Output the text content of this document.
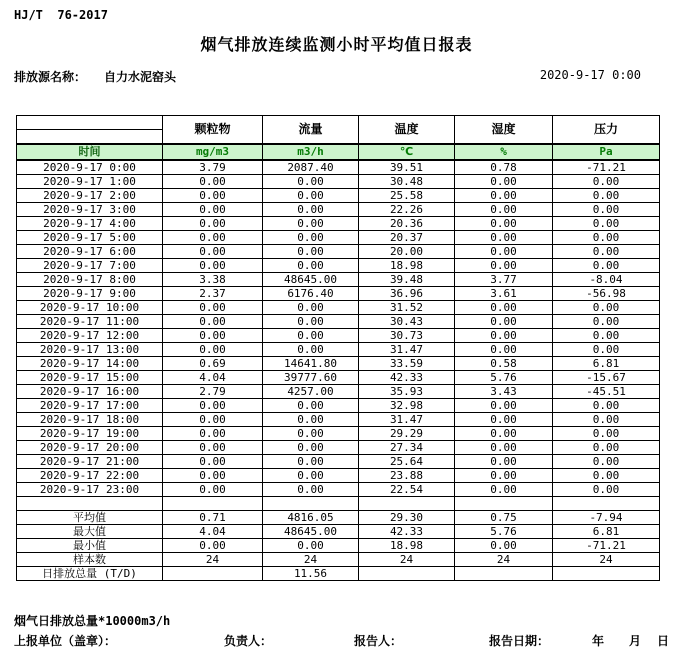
HJ/T  76-2017
烟气排放连续监测小时平均值日报表
排放源名称： 自力水泥窑头	2020-9-17 0:00
	颗粒物	流量	温度	湿度	压力

时间	mg/m3	m3/h	℃	%	Pa
2020-9-17 0:00	3.79	2087.40	39.51	0.78	-71.21
2020-9-17 1:00	0.00	0.00	30.48	0.00	0.00
2020-9-17 2:00	0.00	0.00	25.58	0.00	0.00
2020-9-17 3:00	0.00	0.00	22.26	0.00	0.00
2020-9-17 4:00	0.00	0.00	20.36	0.00	0.00
2020-9-17 5:00	0.00	0.00	20.37	0.00	0.00
2020-9-17 6:00	0.00	0.00	20.00	0.00	0.00
2020-9-17 7:00	0.00	0.00	18.98	0.00	0.00
2020-9-17 8:00	3.38	48645.00	39.48	3.77	-8.04
2020-9-17 9:00	2.37	6176.40	36.96	3.61	-56.98
2020-9-17 10:00	0.00	0.00	31.52	0.00	0.00
2020-9-17 11:00	0.00	0.00	30.43	0.00	0.00
2020-9-17 12:00	0.00	0.00	30.73	0.00	0.00
2020-9-17 13:00	0.00	0.00	31.47	0.00	0.00
2020-9-17 14:00	0.69	14641.80	33.59	0.58	6.81
2020-9-17 15:00	4.04	39777.60	42.33	5.76	-15.67
2020-9-17 16:00	2.79	4257.00	35.93	3.43	-45.51
2020-9-17 17:00	0.00	0.00	32.98	0.00	0.00
2020-9-17 18:00	0.00	0.00	31.47	0.00	0.00
2020-9-17 19:00	0.00	0.00	29.29	0.00	0.00
2020-9-17 20:00	0.00	0.00	27.34	0.00	0.00
2020-9-17 21:00	0.00	0.00	25.64	0.00	0.00
2020-9-17 22:00	0.00	0.00	23.88	0.00	0.00
2020-9-17 23:00	0.00	0.00	22.54	0.00	0.00

平均值	0.71	4816.05	29.30	0.75	-7.94
最大值	4.04	48645.00	42.33	5.76	6.81
最小值	0.00	0.00	18.98	0.00	-71.21
样本数	24	24	24	24	24
日排放总量 (T/D)		11.56			
烟气日排放总量*10000m3/h
上报单位（盖章）：	负责人：	报告人：	报告日期：	年 月 日
